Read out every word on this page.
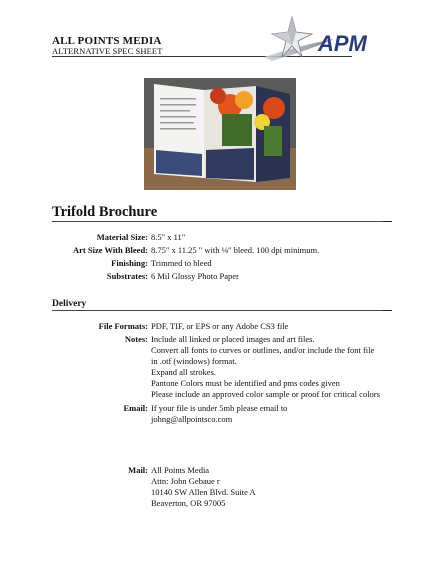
ALL POINTS MEDIA
ALTERNATIVE SPEC SHEET	APM
Trifold Brochure
Material Size: 8.5" x 11"
Art Size With Bleed: 8.75" x 11.25 " with ⅛" bleed. 100 dpi minimum.
Finishing: Trimmed to bleed
Substrates: 6 Mil Glossy Photo Paper
Delivery
File Formats: PDF, TIF, or EPS or any Adobe CS3 file
Notes: Include all linked or placed images and art files.
Convert all fonts to curves or outlines, and/or include the font file
in .otf (windows) format.
Expand all strokes.
Pantone Colors must be identified and pms codes given
Please include an approved color sample or proof for critical colors
Email: If your file is under 5mb please email to
johng@allpointsco.com
Mail: All Points Media
Attn: John Gebaue r
10140 SW Allen Blvd. Suite A
Beaverton, OR 97005
